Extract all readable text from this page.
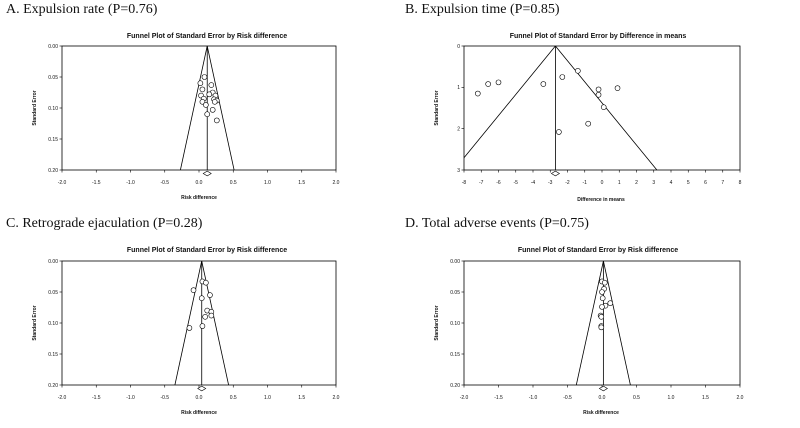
A. Expulsion rate (P=0.76)
Funnel Plot of Standard Error by Risk difference
-2.0	-1.5	-1.0	-0.5	0.0	0.5	1.0	1.5	2.0
0.00
0.05
0.10
0.15
0.20
Risk difference
Standard Error
B. Expulsion time (P=0.85)
Funnel Plot of Standard Error by Difference in means
-8	-7	-6	-5	-4	-3	-2	-1	0	1	2	3	4	5	6	7	8
0
1
2
3
Difference in means
Standard Error
C. Retrograde ejaculation (P=0.28)
Funnel Plot of Standard Error by Risk difference
-2.0	-1.5	-1.0	-0.5	0.0	0.5	1.0	1.5	2.0
0.00
0.05
0.10
0.15
0.20
Risk difference
Standard Error
D. Total adverse events (P=0.75)
Funnel Plot of Standard Error by Risk difference
-2.0	-1.5	-1.0	-0.5	0.0	0.5	1.0	1.5	2.0
0.00
0.05
0.10
0.15
0.20
Risk difference
Standard Error
